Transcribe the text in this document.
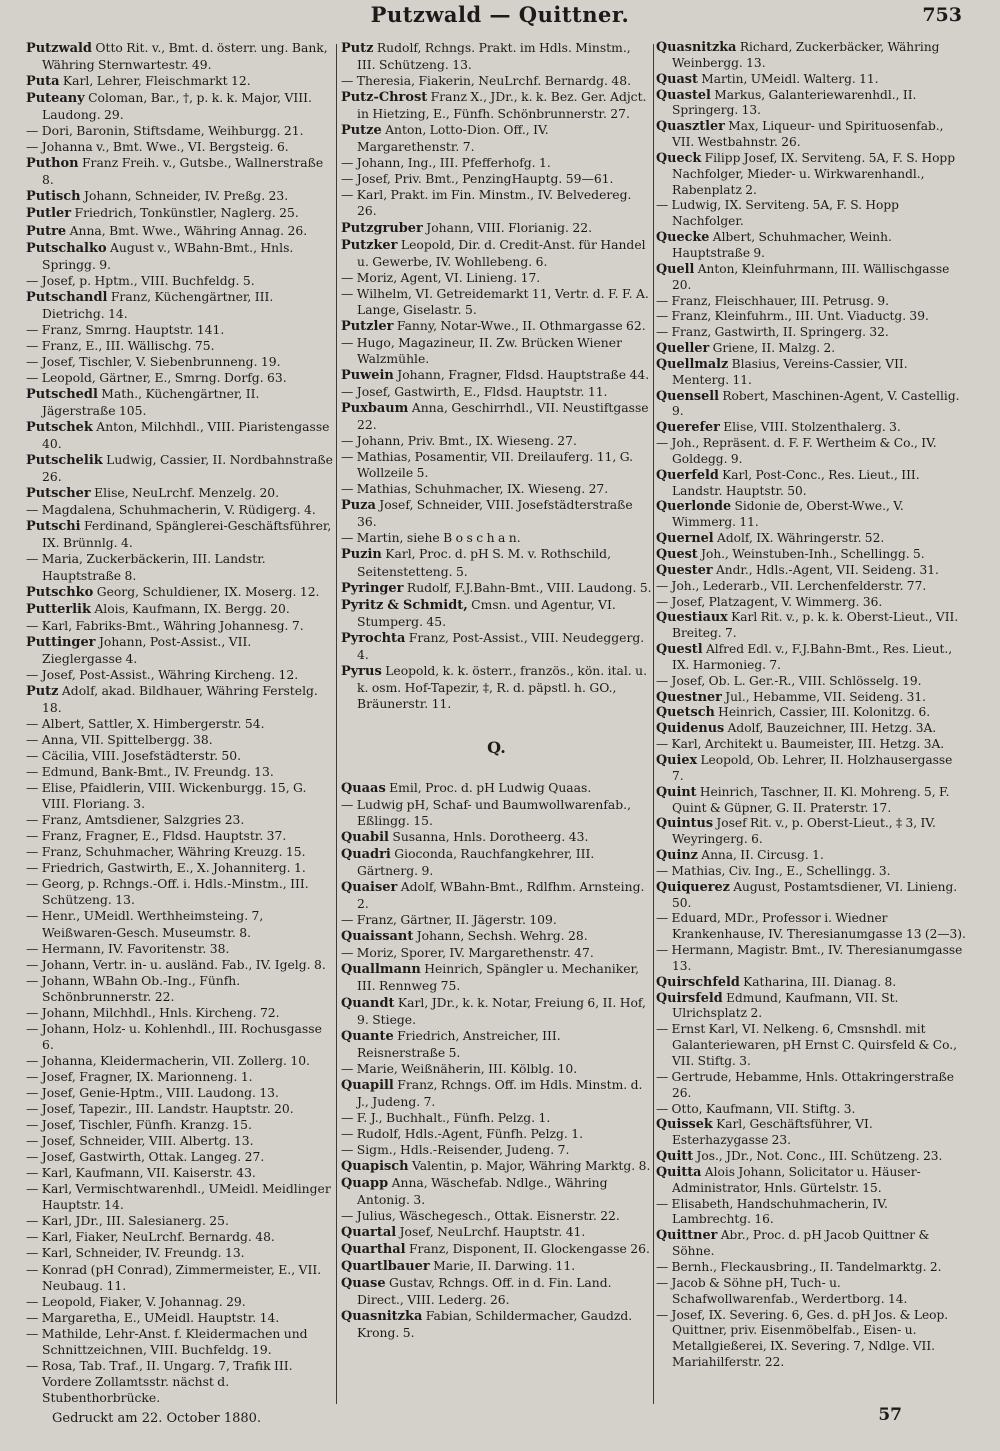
Putzwald — Quittner.	753
Putzwald Otto Rit. v., Bmt. d. österr. ung. Bank, Währing Sternwartestr. 49.
Puta Karl, Lehrer, Fleischmarkt 12.
Puteany Coloman, Bar., †, p. k. k. Major, VIII. Laudong. 29.
— Dori, Baronin, Stiftsdame, Weihburgg. 21.
— Johanna v., Bmt. Wwe., VI. Bergsteig. 6.
Puthon Franz Freih. v., Gutsbe., Wallnerstraße 8.
Putisch Johann, Schneider, IV. Preßg. 23.
Putler Friedrich, Tonkünstler, Naglerg. 25.
Putre Anna, Bmt. Wwe., Währing Annag. 26.
Putschalko August v., WBahn-Bmt., Hnls. Springg. 9.
— Josef, p. Hptm., VIII. Buchfeldg. 5.
Putschandl Franz, Küchengärtner, III. Dietrichg. 14.
— Franz, Smrng. Hauptstr. 141.
— Franz, E., III. Wällischg. 75.
— Josef, Tischler, V. Siebenbrunneng. 19.
— Leopold, Gärtner, E., Smrng. Dorfg. 63.
Putschedl Math., Küchengärtner, II. Jägerstraße 105.
Putschek Anton, Milchhdl., VIII. Piaristengasse 40.
Putschelik Ludwig, Cassier, II. Nordbahnstraße 26.
Putscher Elise, NeuLrchf. Menzelg. 20.
— Magdalena, Schuhmacherin, V. Rüdigerg. 4.
Putschi Ferdinand, Spänglerei-Geschäftsführer, IX. Brünnlg. 4.
— Maria, Zuckerbäckerin, III. Landstr. Hauptstraße 8.
Putschko Georg, Schuldiener, IX. Moserg. 12.
Putterlik Alois, Kaufmann, IX. Bergg. 20.
— Karl, Fabriks-Bmt., Währing Johannesg. 7.
Puttinger Johann, Post-Assist., VII. Zieglergasse 4.
— Josef, Post-Assist., Währing Kircheng. 12.
Putz Adolf, akad. Bildhauer, Währing Ferstelg. 18.
— Albert, Sattler, X. Himbergerstr. 54.
— Anna, VII. Spittelbergg. 38.
— Cäcilia, VIII. Josefstädterstr. 50.
— Edmund, Bank-Bmt., IV. Freundg. 13.
— Elise, Pfaidlerin, VIII. Wickenburgg. 15, G. VIII. Floriang. 3.
— Franz, Amtsdiener, Salzgries 23.
— Franz, Fragner, E., Fldsd. Hauptstr. 37.
— Franz, Schuhmacher, Währing Kreuzg. 15.
— Friedrich, Gastwirth, E., X. Johanniterg. 1.
— Georg, p. Rchngs.-Off. i. Hdls.-Minstm., III. Schützeng. 13.
— Henr., UMeidl. Werthheimsteing. 7, Weißwaren-Gesch. Museumstr. 8.
— Hermann, IV. Favoritenstr. 38.
— Johann, Vertr. in- u. ausländ. Fab., IV. Igelg. 8.
— Johann, WBahn Ob.-Ing., Fünfh. Schönbrunnerstr. 22.
— Johann, Milchhdl., Hnls. Kircheng. 72.
— Johann, Holz- u. Kohlenhdl., III. Rochusgasse 6.
— Johanna, Kleidermacherin, VII. Zollerg. 10.
— Josef, Fragner, IX. Marionneng. 1.
— Josef, Genie-Hptm., VIII. Laudong. 13.
— Josef, Tapezir., III. Landstr. Hauptstr. 20.
— Josef, Tischler, Fünfh. Kranzg. 15.
— Josef, Schneider, VIII. Albertg. 13.
— Josef, Gastwirth, Ottak. Langeg. 27.
— Karl, Kaufmann, VII. Kaiserstr. 43.
— Karl, Vermischtwarenhdl., UMeidl. Meidlinger Hauptstr. 14.
— Karl, JDr., III. Salesianerg. 25.
— Karl, Fiaker, NeuLrchf. Bernardg. 48.
— Karl, Schneider, IV. Freundg. 13.
— Konrad (pH Conrad), Zimmermeister, E., VII. Neubaug. 11.
— Leopold, Fiaker, V. Johannag. 29.
— Margaretha, E., UMeidl. Hauptstr. 14.
— Mathilde, Lehr-Anst. f. Kleidermachen und Schnittzeichnen, VIII. Buchfeldg. 19.
— Rosa, Tab. Traf., II. Ungarg. 7, Trafik III. Vordere Zollamtsstr. nächst d. Stubenthorbrücke.
Putz Rudolf, Rchngs. Prakt. im Hdls. Minstm., III. Schützeng. 13.
— Theresia, Fiakerin, NeuLrchf. Bernardg. 48.
Putz-Chrost Franz X., JDr., k. k. Bez. Ger. Adjct. in Hietzing, E., Fünfh. Schönbrunnerstr. 27.
Putze Anton, Lotto-Dion. Off., IV. Margarethenstr. 7.
— Johann, Ing., III. Pfefferhofg. 1.
— Josef, Priv. Bmt., PenzingHauptg. 59—61.
— Karl, Prakt. im Fin. Minstm., IV. Belvedereg. 26.
Putzgruber Johann, VIII. Florianig. 22.
Putzker Leopold, Dir. d. Credit-Anst. für Handel u. Gewerbe, IV. Wohllebeng. 6.
— Moriz, Agent, VI. Linieng. 17.
— Wilhelm, VI. Getreidemarkt 11, Vertr. d. F. F. A. Lange, Giselastr. 5.
Putzler Fanny, Notar-Wwe., II. Othmargasse 62.
— Hugo, Magazineur, II. Zw. Brücken Wiener Walzmühle.
Puwein Johann, Fragner, Fldsd. Hauptstraße 44.
— Josef, Gastwirth, E., Fldsd. Hauptstr. 11.
Puxbaum Anna, Geschirrhdl., VII. Neustiftgasse 22.
— Johann, Priv. Bmt., IX. Wieseng. 27.
— Mathias, Posamentir, VII. Dreilauferg. 11, G. Wollzeile 5.
— Mathias, Schuhmacher, IX. Wieseng. 27.
Puza Josef, Schneider, VIII. Josefstädterstraße 36.
— Martin, siehe B o s c h a n.
Puzin Karl, Proc. d. pH S. M. v. Rothschild, Seitenstetteng. 5.
Pyringer Rudolf, F.J.Bahn-Bmt., VIII. Laudong. 5.
Pyritz & Schmidt, Cmsn. und Agentur, VI. Stumperg. 45.
Pyrochta Franz, Post-Assist., VIII. Neudeggerg. 4.
Pyrus Leopold, k. k. österr., französ., kön. ital. u. k. osm. Hof-Tapezir, ‡, R. d. päpstl. h. GO., Bräunerstr. 11.
Q.
Quaas Emil, Proc. d. pH Ludwig Quaas.
— Ludwig pH, Schaf- und Baumwollwarenfab., Eßlingg. 15.
Quabil Susanna, Hnls. Dorotheerg. 43.
Quadri Gioconda, Rauchfangkehrer, III. Gärtnerg. 9.
Quaiser Adolf, WBahn-Bmt., Rdlfhm. Arnsteing. 2.
— Franz, Gärtner, II. Jägerstr. 109.
Quaissant Johann, Sechsh. Wehrg. 28.
— Moriz, Sporer, IV. Margarethenstr. 47.
Quallmann Heinrich, Spängler u. Mechaniker, III. Rennweg 75.
Quandt Karl, JDr., k. k. Notar, Freiung 6, II. Hof, 9. Stiege.
Quante Friedrich, Anstreicher, III. Reisnerstraße 5.
— Marie, Weißnäherin, III. Kölblg. 10.
Quapill Franz, Rchngs. Off. im Hdls. Minstm. d. J., Judeng. 7.
— F. J., Buchhalt., Fünfh. Pelzg. 1.
— Rudolf, Hdls.-Agent, Fünfh. Pelzg. 1.
— Sigm., Hdls.-Reisender, Judeng. 7.
Quapisch Valentin, p. Major, Währing Marktg. 8.
Quapp Anna, Wäschefab. Ndlge., Währing Antonig. 3.
— Julius, Wäschegesch., Ottak. Eisnerstr. 22.
Quartal Josef, NeuLrchf. Hauptstr. 41.
Quarthal Franz, Disponent, II. Glockengasse 26.
Quartlbauer Marie, II. Darwing. 11.
Quase Gustav, Rchngs. Off. in d. Fin. Land. Direct., VIII. Lederg. 26.
Quasnitzka Fabian, Schildermacher, Gaudzd. Krong. 5.
Quasnitzka Richard, Zuckerbäcker, Währing Weinbergg. 13.
Quast Martin, UMeidl. Walterg. 11.
Quastel Markus, Galanteriewarenhdl., II. Springerg. 13.
Quasztler Max, Liqueur- und Spirituosenfab., VII. Westbahnstr. 26.
Queck Filipp Josef, IX. Serviteng. 5A, F. S. Hopp Nachfolger, Mieder- u. Wirkwarenhandl., Rabenplatz 2.
— Ludwig, IX. Serviteng. 5A, F. S. Hopp Nachfolger.
Quecke Albert, Schuhmacher, Weinh. Hauptstraße 9.
Quell Anton, Kleinfuhrmann, III. Wällischgasse 20.
— Franz, Fleischhauer, III. Petrusg. 9.
— Franz, Kleinfuhrm., III. Unt. Viaductg. 39.
— Franz, Gastwirth, II. Springerg. 32.
Queller Griene, II. Malzg. 2.
Quellmalz Blasius, Vereins-Cassier, VII. Menterg. 11.
Quensell Robert, Maschinen-Agent, V. Castellig. 9.
Querefer Elise, VIII. Stolzenthalerg. 3.
— Joh., Repräsent. d. F. F. Wertheim & Co., IV. Goldegg. 9.
Querfeld Karl, Post-Conc., Res. Lieut., III. Landstr. Hauptstr. 50.
Querlonde Sidonie de, Oberst-Wwe., V. Wimmerg. 11.
Quernel Adolf, IX. Währingerstr. 52.
Quest Joh., Weinstuben-Inh., Schellingg. 5.
Quester Andr., Hdls.-Agent, VII. Seideng. 31.
— Joh., Lederarb., VII. Lerchenfelderstr. 77.
— Josef, Platzagent, V. Wimmerg. 36.
Questiaux Karl Rit. v., p. k. k. Oberst-Lieut., VII. Breiteg. 7.
Questl Alfred Edl. v., F.J.Bahn-Bmt., Res. Lieut., IX. Harmonieg. 7.
— Josef, Ob. L. Ger.-R., VIII. Schlösselg. 19.
Questner Jul., Hebamme, VII. Seideng. 31.
Quetsch Heinrich, Cassier, III. Kolonitzg. 6.
Quidenus Adolf, Bauzeichner, III. Hetzg. 3A.
— Karl, Architekt u. Baumeister, III. Hetzg. 3A.
Quiex Leopold, Ob. Lehrer, II. Holzhausergasse 7.
Quint Heinrich, Taschner, II. Kl. Mohreng. 5, F. Quint & Güpner, G. II. Praterstr. 17.
Quintus Josef Rit. v., p. Oberst-Lieut., ‡ 3, IV. Weyringerg. 6.
Quinz Anna, II. Circusg. 1.
— Mathias, Civ. Ing., E., Schellingg. 3.
Quiquerez August, Postamtsdiener, VI. Linieng. 50.
— Eduard, MDr., Professor i. Wiedner Krankenhause, IV. Theresianumgasse 13 (2—3).
— Hermann, Magistr. Bmt., IV. Theresianumgasse 13.
Quirschfeld Katharina, III. Dianag. 8.
Quirsfeld Edmund, Kaufmann, VII. St. Ulrichsplatz 2.
— Ernst Karl, VI. Nelkeng. 6, Cmsnshdl. mit Galanteriewaren, pH Ernst C. Quirsfeld & Co., VII. Stiftg. 3.
— Gertrude, Hebamme, Hnls. Ottakringerstraße 26.
— Otto, Kaufmann, VII. Stiftg. 3.
Quissek Karl, Geschäftsführer, VI. Esterhazygasse 23.
Quitt Jos., JDr., Not. Conc., III. Schützeng. 23.
Quitta Alois Johann, Solicitator u. Häuser-Administrator, Hnls. Gürtelstr. 15.
— Elisabeth, Handschuhmacherin, IV. Lambrechtg. 16.
Quittner Abr., Proc. d. pH Jacob Quittner & Söhne.
— Bernh., Fleckausbring., II. Tandelmarktg. 2.
— Jacob & Söhne pH, Tuch- u. Schafwollwarenfab., Werdertborg. 14.
— Josef, IX. Severing. 6, Ges. d. pH Jos. & Leop. Quittner, priv. Eisenmöbelfab., Eisen- u. Metallgießerei, IX. Severing. 7, Ndlge. VII. Mariahilferstr. 22.
Gedruckt am 22. October 1880.	57
